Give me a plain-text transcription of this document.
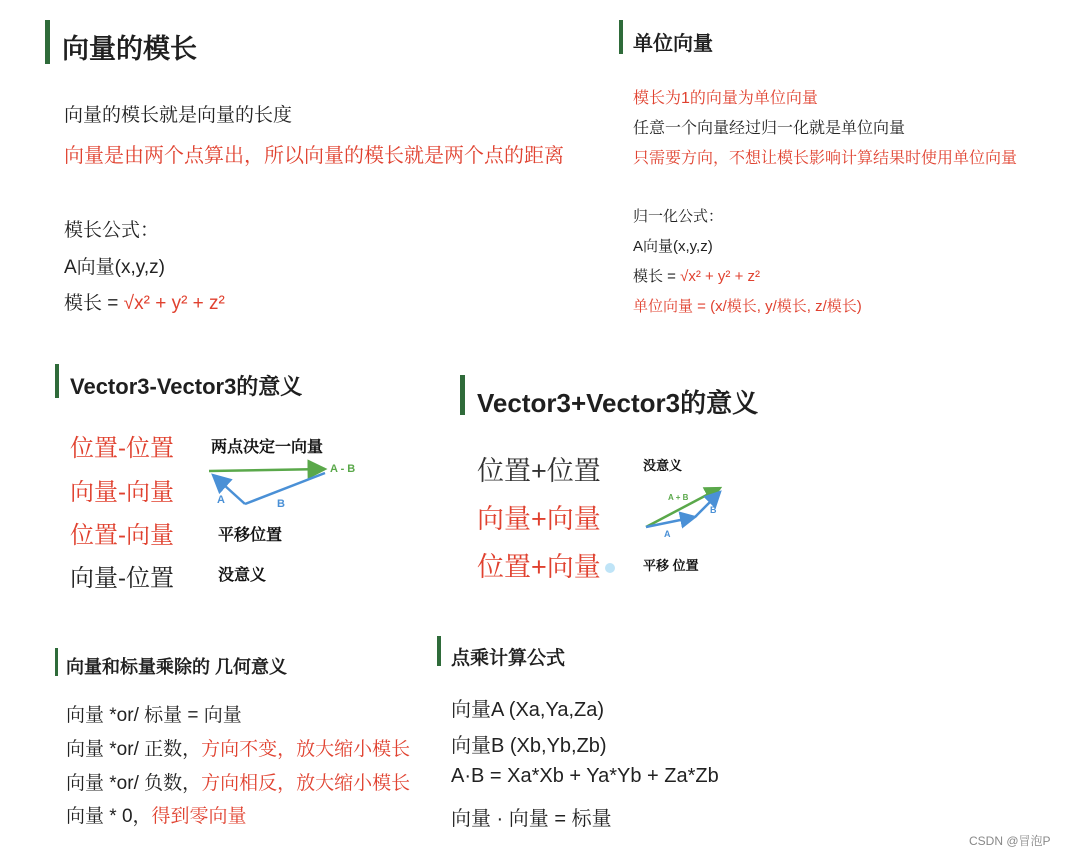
向量的模长
向量的模长就是向量的长度
向量是由两个点算出，所以向量的模长就是两个点的距离
模长公式：
A向量(x,y,z)
模长 = √x² + y² + z²
单位向量
模长为1的向量为单位向量
任意一个向量经过归一化就是单位向量
只需要方向，不想让模长影响计算结果时使用单位向量
归一化公式：
A向量(x,y,z)
模长 = √x² + y² + z²
单位向量 = (x/模长, y/模长, z/模长)
Vector3-Vector3的意义
位置-位置 两点决定一向量
向量-向量
位置-向量	平移位置
向量-位置	没意义
A	B
A - B
Vector3+Vector3的意义
位置+位置	没意义
向量+向量
位置+向量	平移 位置
A + B
A
B
向量和标量乘除的 几何意义
向量 *or/ 标量 = 向量
向量 *or/ 正数，方向不变，放大缩小模长
向量 *or/ 负数，方向相反，放大缩小模长
向量 * 0，得到零向量
点乘计算公式
向量A (Xa,Ya,Za)
向量B (Xb,Yb,Zb)
A·B = Xa*Xb + Ya*Yb + Za*Zb
向量 · 向量 = 标量
CSDN @冒泡P
